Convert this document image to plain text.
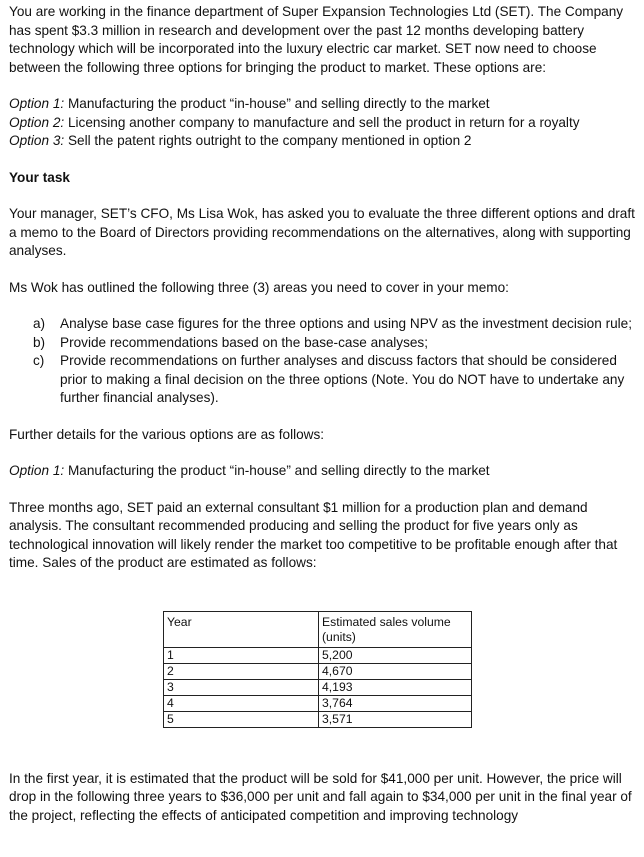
You are working in the finance department of Super Expansion Technologies Ltd (SET). The Company has spent $3.3 million in research and development over the past 12 months developing battery technology which will be incorporated into the luxury electric car market. SET now need to choose between the following three options for bringing the product to market. These options are:

Option 1: Manufacturing the product “in-house” and selling directly to the market

Option 2: Licensing another company to manufacture and sell the product in return for a royalty

Option 3: Sell the patent rights outright to the company mentioned in option 2

Your task

Your manager, SET’s CFO, Ms Lisa Wok, has asked you to evaluate the three different options and draft a memo to the Board of Directors providing recommendations on the alternatives, along with supporting analyses.

Ms Wok has outlined the following three (3) areas you need to cover in your memo:

a)	Analyse base case figures for the three options and using NPV as the investment decision rule;
b)	Provide recommendations based on the base-case analyses;
c)	Provide recommendations on further analyses and discuss factors that should be considered prior to making a final decision on the three options (Note. You do NOT have to undertake any further financial analyses).

Further details for the various options are as follows:

Option 1: Manufacturing the product “in-house” and selling directly to the market

Three months ago, SET paid an external consultant $1 million for a production plan and demand analysis. The consultant recommended producing and selling the product for five years only as technological innovation will likely render the market too competitive to be profitable enough after that time. Sales of the product are estimated as follows:

Year	Estimated sales volume (units)
1	5,200
2	4,670
3	4,193
4	3,764
5	3,571

In the first year, it is estimated that the product will be sold for $41,000 per unit. However, the price will drop in the following three years to $36,000 per unit and fall again to $34,000 per unit in the final year of the project, reflecting the effects of anticipated competition and improving technology
